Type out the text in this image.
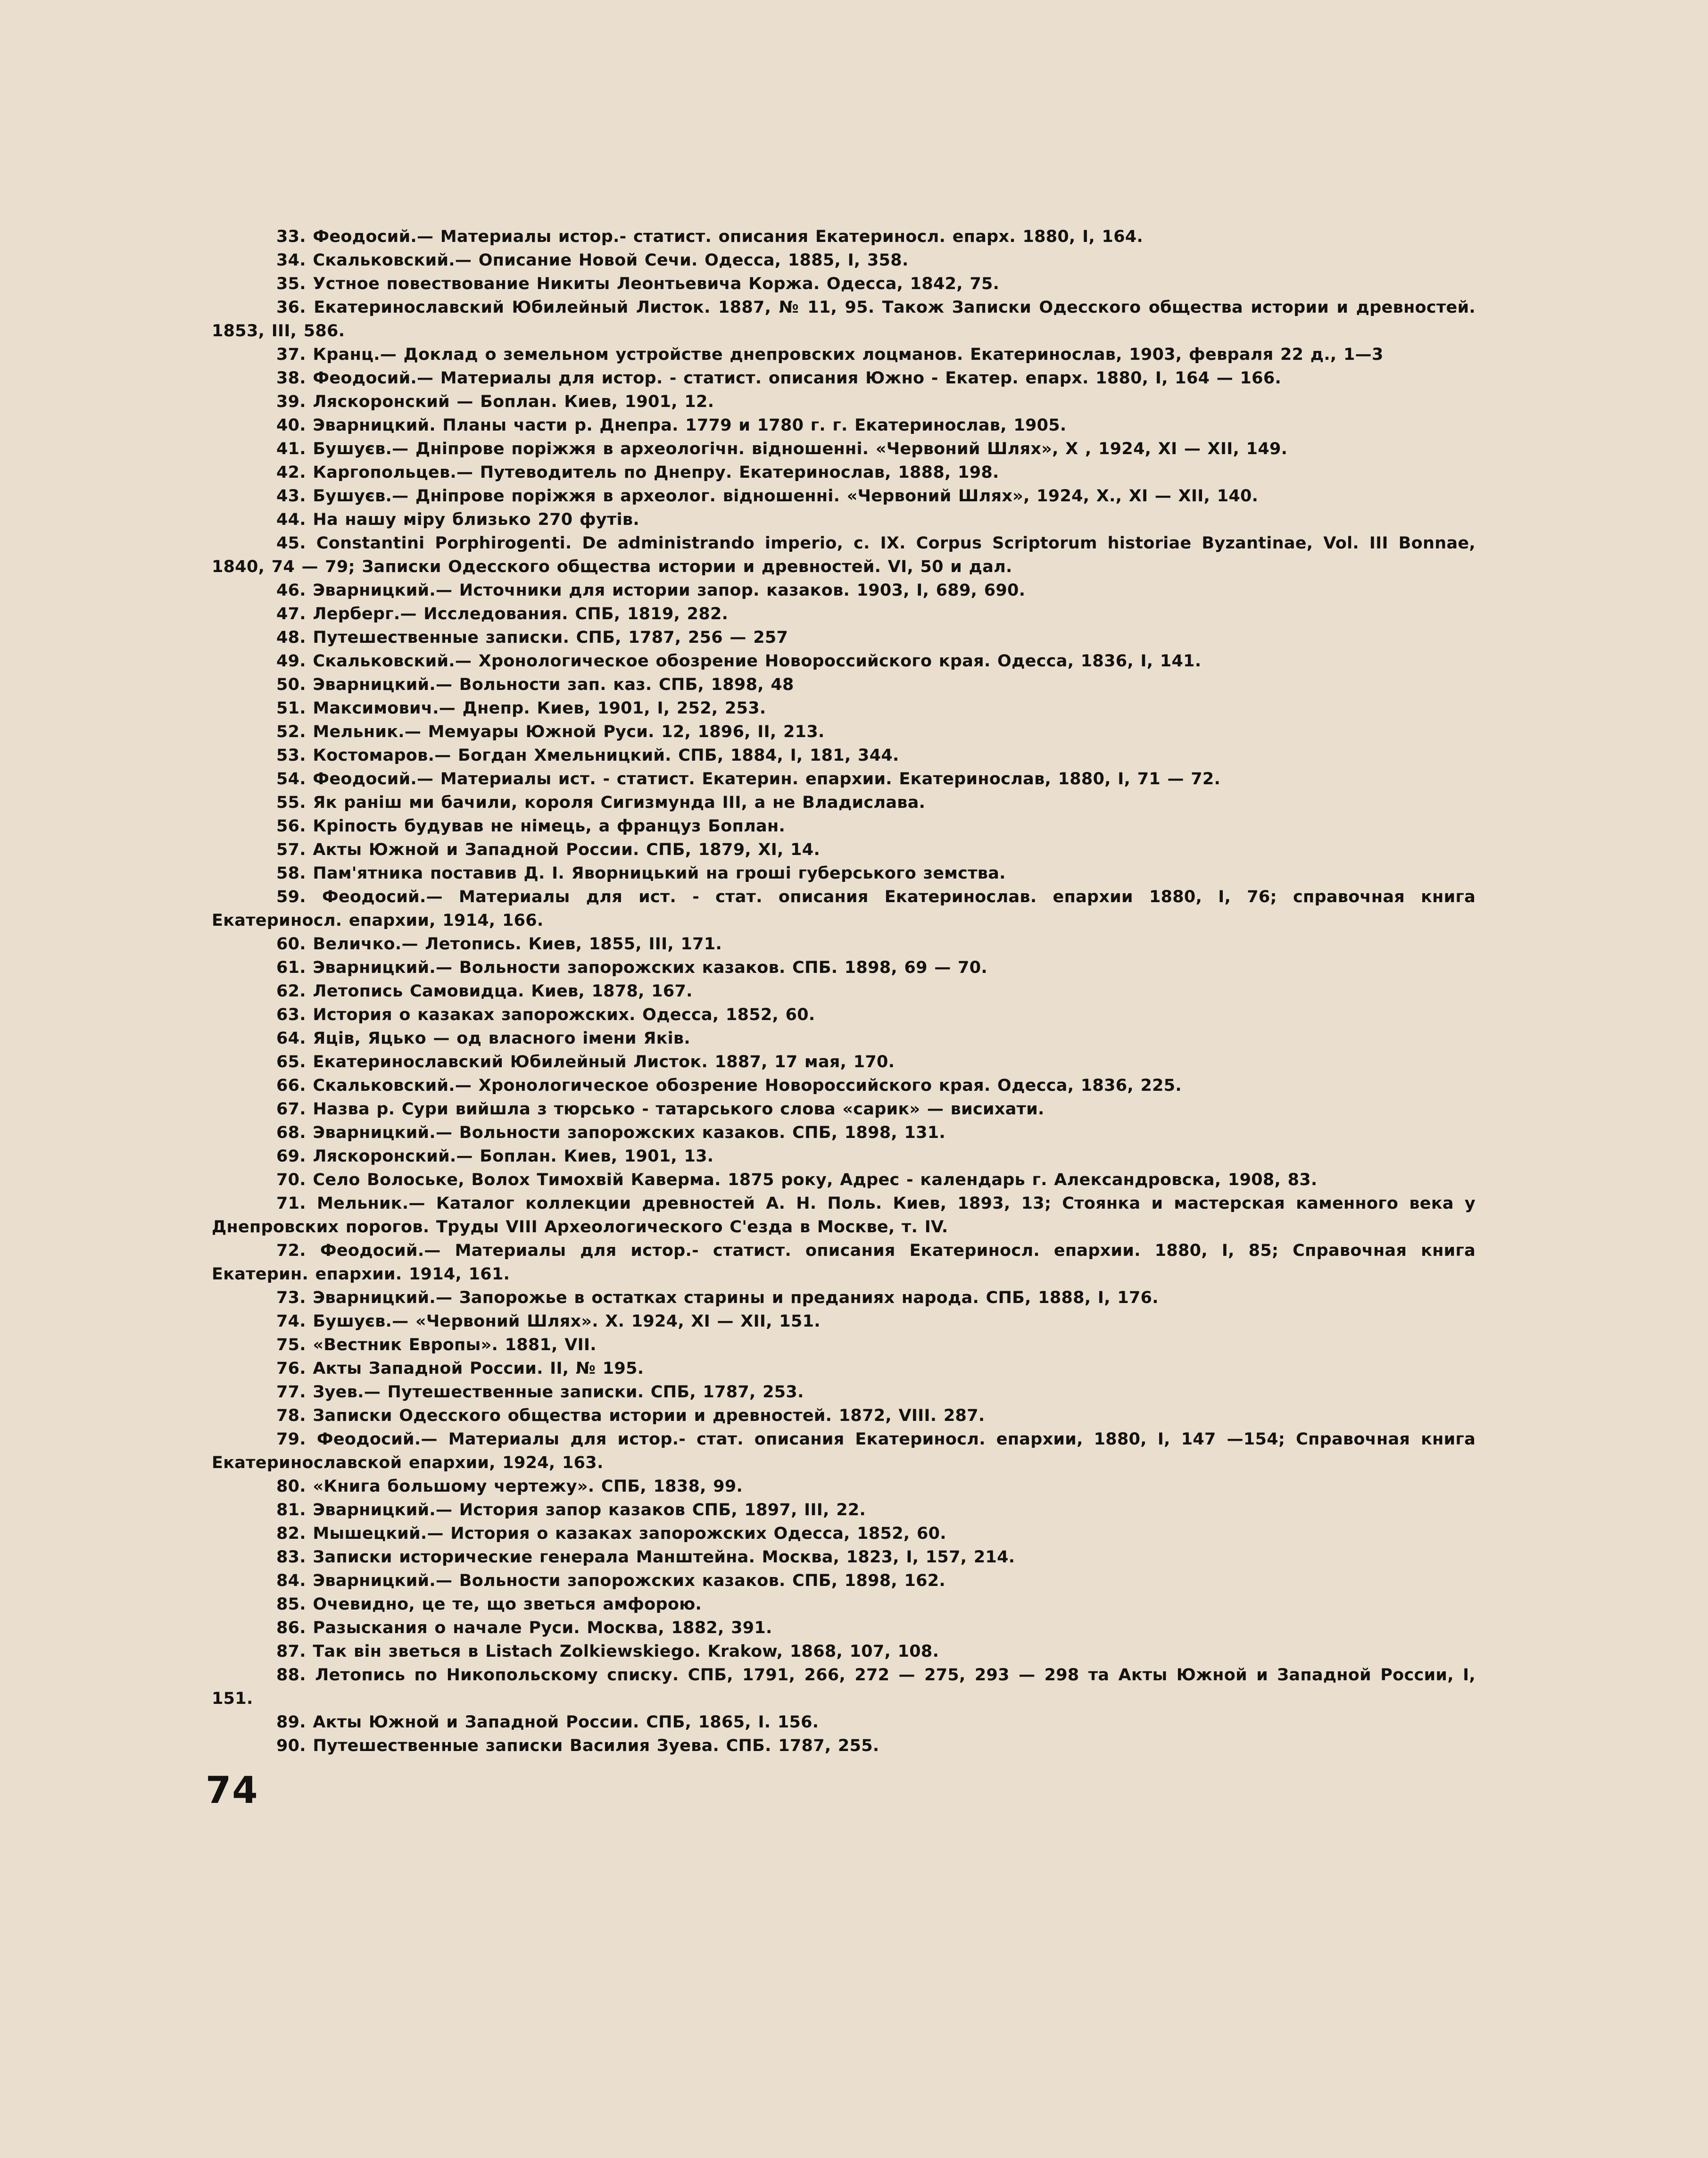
33. Феодосий.— Материалы истор.- статист. описания Екатериносл. епарх. 1880, I, 164.
34. Скальковский.— Описание Новой Сечи. Одесса, 1885, I, 358.
35. Устное повествование Никиты Леонтьевича Коржа. Одесса, 1842, 75.
36. Екатеринославский Юбилейный Листок. 1887, № 11, 95. Також Записки Одесского общества истории и древностей. 1853, III, 586.
37. Кранц.— Доклад о земельном устройстве днепровских лоцманов. Екатеринослав, 1903, февраля 22 д., 1—3
38. Феодосий.— Материалы для истор. - статист. описания Южно - Екатер. епарх. 1880, I, 164 — 166.
39. Ляскоронский — Боплан. Киев, 1901, 12.
40. Эварницкий. Планы части р. Днепра. 1779 и 1780 г. г. Екатеринослав, 1905.
41. Бушуєв.— Дніпрове поріжжя в археологічн. відношенні. «Червоний Шлях», X , 1924, XI — XII, 149.
42. Каргопольцев.— Путеводитель по Днепру. Екатеринослав, 1888, 198.
43. Бушуєв.— Дніпрове поріжжя в археолог. відношенні. «Червоний Шлях», 1924, X., XI — XII, 140.
44. На нашу міру близько 270 футів.
45. Constantini Porphirogenti. De administrando imperio, c. IX. Corpus Scriptorum historiae Byzantinae, Vol. III Bonnae, 1840, 74 — 79; Записки Одесского общества истории и древностей. VI, 50 и дал.
46. Эварницкий.— Источники для истории запор. казаков. 1903, I, 689, 690.
47. Лерберг.— Исследования. СПБ, 1819, 282.
48. Путешественные записки. СПБ, 1787, 256 — 257
49. Скальковский.— Хронологическое обозрение Новороссийского края. Одесса, 1836, I, 141.
50. Эварницкий.— Вольности зап. каз. СПБ, 1898, 48
51. Максимович.— Днепр. Киев, 1901, I, 252, 253.
52. Мельник.— Мемуары Южной Руси. 12, 1896, II, 213.
53. Костомаров.— Богдан Хмельницкий. СПБ, 1884, I, 181, 344.
54. Феодосий.— Материалы ист. - статист. Екатерин. епархии. Екатеринослав, 1880, I, 71 — 72.
55. Як раніш ми бачили, короля Сигизмунда III, а не Владислава.
56. Кріпость будував не німець, а француз Боплан.
57. Акты Южной и Западной России. СПБ, 1879, XI, 14.
58. Пам'ятника поставив Д. І. Яворницький на гроші губерського земства.
59. Феодосий.— Материалы для ист. - стат. описания Екатеринослав. епархии 1880, I, 76; справочная книга Екатериносл. епархии, 1914, 166.
60. Величко.— Летопись. Киев, 1855, III, 171.
61. Эварницкий.— Вольности запорожских казаков. СПБ. 1898, 69 — 70.
62. Летопись Самовидца. Киев, 1878, 167.
63. История о казаках запорожских. Одесса, 1852, 60.
64. Яців, Яцько — од власного імени Яків.
65. Екатеринославский Юбилейный Листок. 1887, 17 мая, 170.
66. Скальковский.— Хронологическое обозрение Новороссийского края. Одесса, 1836, 225.
67. Назва р. Сури вийшла з тюрсько - татарського слова «сарик» — висихати.
68. Эварницкий.— Вольности запорожских казаков. СПБ, 1898, 131.
69. Ляскоронский.— Боплан. Киев, 1901, 13.
70. Село Волоське, Волох Тимохвій Каверма. 1875 року, Адрес - календарь г. Александровска, 1908, 83.
71. Мельник.— Каталог коллекции древностей А. Н. Поль. Киев, 1893, 13; Стоянка и мастерская каменного века у Днепровских порогов. Труды VIII Археологического С'езда в Москве, т. IV.
72. Феодосий.— Материалы для истор.- статист. описания Екатериносл. епархии. 1880, I, 85; Справочная книга Екатерин. епархии. 1914, 161.
73. Эварницкий.— Запорожье в остатках старины и преданиях народа. СПБ, 1888, I, 176.
74. Бушуєв.— «Червоний Шлях». X. 1924, XI — XII, 151.
75. «Вестник Европы». 1881, VII.
76. Акты Западной России. II, № 195.
77. Зуев.— Путешественные записки. СПБ, 1787, 253.
78. Записки Одесского общества истории и древностей. 1872, VIII. 287.
79. Феодосий.— Материалы для истор.- стат. описания Екатериносл. епархии, 1880, I, 147 —154; Справочная книга Екатеринославской епархии, 1924, 163.
80. «Книга большому чертежу». СПБ, 1838, 99.
81. Эварницкий.— История запор казаков СПБ, 1897, III, 22.
82. Мышецкий.— История о казаках запорожских Одесса, 1852, 60.
83. Записки исторические генерала Манштейна. Москва, 1823, I, 157, 214.
84. Эварницкий.— Вольности запорожских казаков. СПБ, 1898, 162.
85. Очевидно, це те, що зветься амфорою.
86. Разыскания о начале Руси. Москва, 1882, 391.
87. Так він зветься в Listach Zolkiewskiego. Krakow, 1868, 107, 108.
88. Летопись по Никопольскому списку. СПБ, 1791, 266, 272 — 275, 293 — 298 та Акты Южной и Западной России, I, 151.
89. Акты Южной и Западной России. СПБ, 1865, I. 156.
90. Путешественные записки Василия Зуева. СПБ. 1787, 255.
74
